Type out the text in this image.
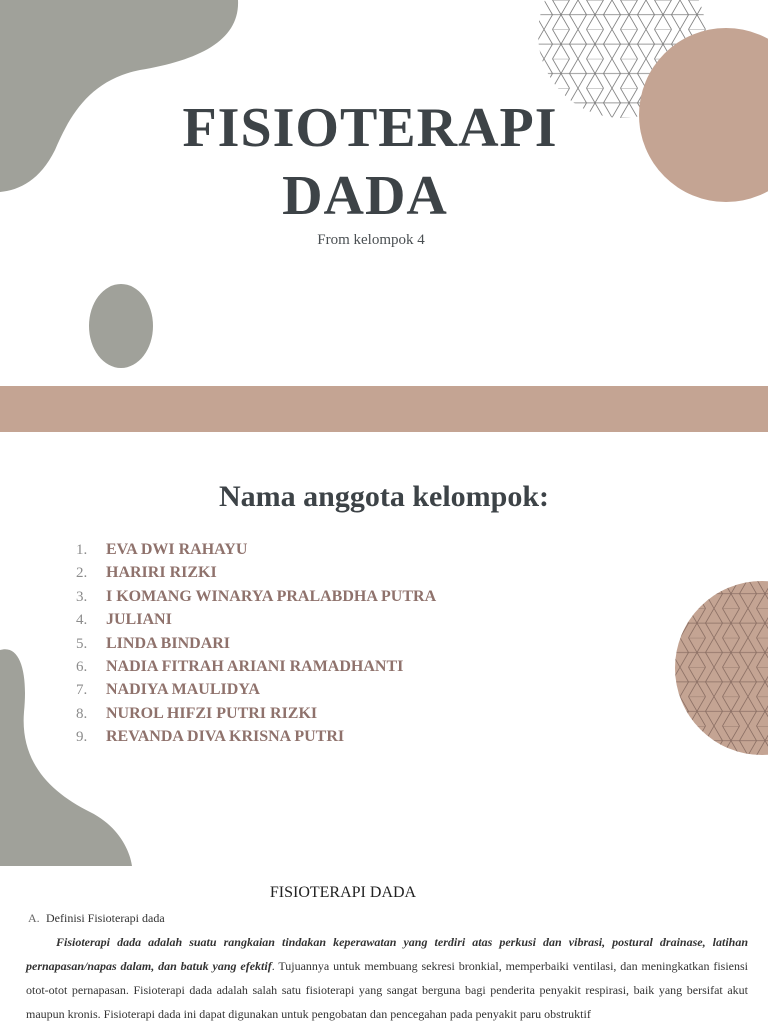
FISIOTERAPI
DADA
From kelompok 4
Nama anggota kelompok:
1. EVA DWI RAHAYU
2. HARIRI RIZKI
3. I KOMANG WINARYA PRALABDHA PUTRA
4. JULIANI
5. LINDA BINDARI
6. NADIA FITRAH ARIANI RAMADHANTI
7. NADIYA MAULIDYA
8. NUROL HIFZI PUTRI RIZKI
9. REVANDA DIVA KRISNA PUTRI
FISIOTERAPI DADA
A. Definisi Fisioterapi dada

Fisioterapi dada adalah suatu rangkaian tindakan keperawatan yang terdiri atas perkusi dan vibrasi, postural drainase, latihan pernapasan/napas dalam, dan batuk yang efektif. Tujuannya untuk membuang sekresi bronkial, memperbaiki ventilasi, dan meningkatkan fisiensi otot-otot pernapasan. Fisioterapi dada adalah salah satu fisioterapi yang sangat berguna bagi penderita penyakit respirasi, baik yang bersifat akut maupun kronis. Fisioterapi dada ini dapat digunakan untuk pengobatan dan pencegahan pada penyakit paru obstruktif
